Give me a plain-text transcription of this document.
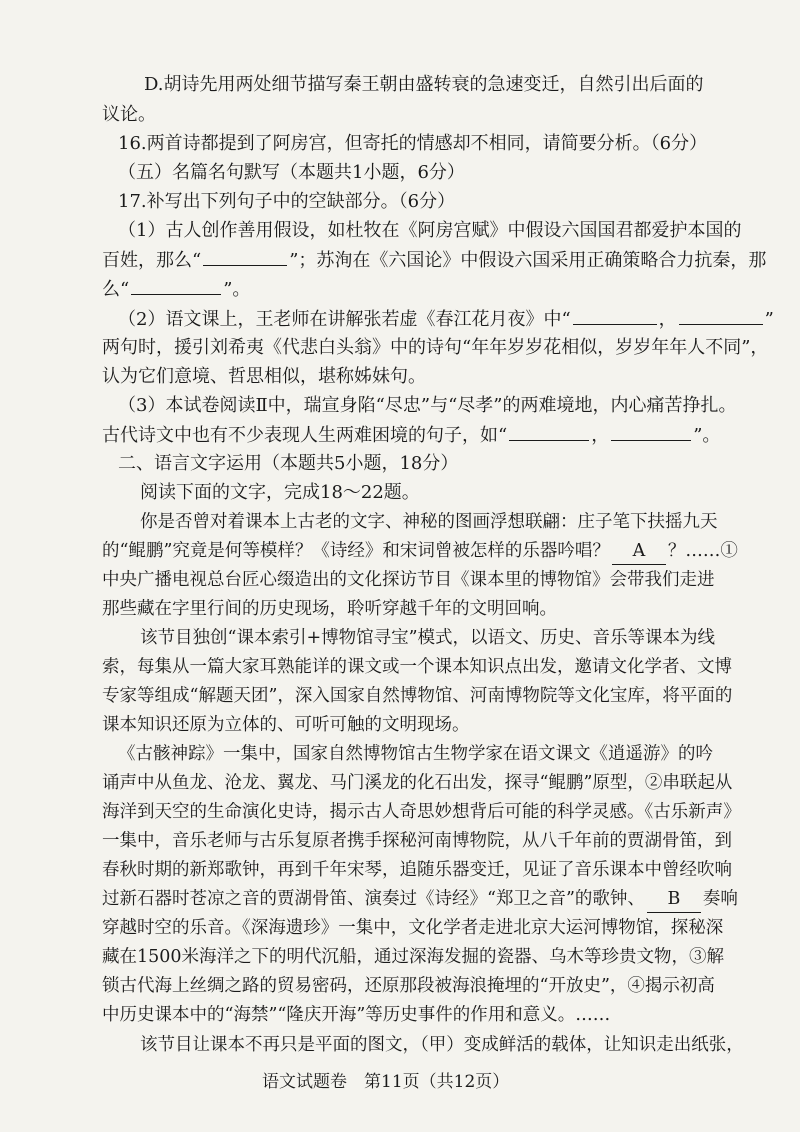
D.胡诗先用两处细节描写秦王朝由盛转衰的急速变迁，自然引出后面的
议论。
16.两首诗都提到了阿房宫，但寄托的情感却不相同，请简要分析。（6分）
（五）名篇名句默写（本题共1小题，6分）
17.补写出下列句子中的空缺部分。（6分）
（1）古人创作善用假设，如杜牧在《阿房宫赋》中假设六国国君都爱护本国的
百姓，那么“	”；苏洵在《六国论》中假设六国采用正确策略合力抗秦，那
么“	”。
（2）语文课上，王老师在讲解张若虚《春江花月夜》中“	，	”
两句时，援引刘希夷《代悲白头翁》中的诗句“年年岁岁花相似，岁岁年年人不同”，
认为它们意境、哲思相似，堪称姊妹句。
（3）本试卷阅读Ⅱ中，瑞宣身陷“尽忠”与“尽孝”的两难境地，内心痛苦挣扎。
古代诗文中也有不少表现人生两难困境的句子，如“	，	”。
二、语言文字运用（本题共5小题，18分）
阅读下面的文字，完成18～22题。
你是否曾对着课本上古老的文字、神秘的图画浮想联翩：庄子笔下扶摇九天
的“鲲鹏”究竟是何等模样？《诗经》和宋词曾被怎样的乐器吟唱？ A ？……①
中央广播电视总台匠心缀造出的文化探访节目《课本里的博物馆》会带我们走进
那些藏在字里行间的历史现场，聆听穿越千年的文明回响。
该节目独创“课本索引+博物馆寻宝”模式，以语文、历史、音乐等课本为线
索，每集从一篇大家耳熟能详的课文或一个课本知识点出发，邀请文化学者、文博
专家等组成“解题天团”，深入国家自然博物馆、河南博物院等文化宝库，将平面的
课本知识还原为立体的、可听可触的文明现场。
《古骸神踪》一集中，国家自然博物馆古生物学家在语文课文《逍遥游》的吟
诵声中从鱼龙、沧龙、翼龙、马门溪龙的化石出发，探寻“鲲鹏”原型，②串联起从
海洋到天空的生命演化史诗，揭示古人奇思妙想背后可能的科学灵感。《古乐新声》
一集中，音乐老师与古乐复原者携手探秘河南博物院，从八千年前的贾湖骨笛，到
春秋时期的新郑歌钟，再到千年宋琴，追随乐器变迁，见证了音乐课本中曾经吹响
过新石器时苍凉之音的贾湖骨笛、演奏过《诗经》“郑卫之音”的歌钟、 B 奏响
穿越时空的乐音。《深海遗珍》一集中，文化学者走进北京大运河博物馆，探秘深
藏在1500米海洋之下的明代沉船，通过深海发掘的瓷器、乌木等珍贵文物，③解
锁古代海上丝绸之路的贸易密码，还原那段被海浪掩埋的“开放史”，④揭示初高
中历史课本中的“海禁”“隆庆开海”等历史事件的作用和意义。……
该节目让课本不再只是平面的图文，（甲）变成鲜活的载体，让知识走出纸张，
语文试题卷　第11页（共12页）
